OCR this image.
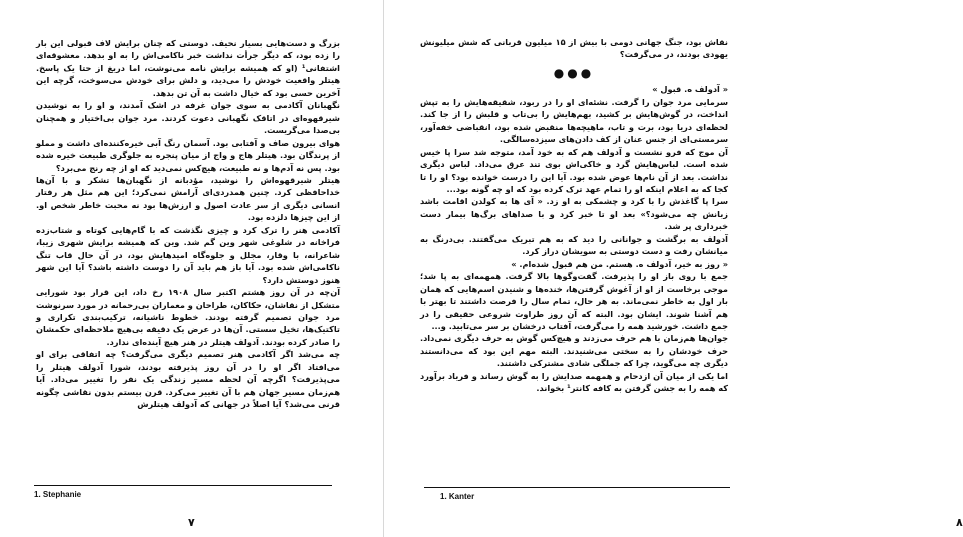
بزرگ و دست‌هایی بسیار نحیف. دوستی که چنان برایش لاف قبولی این بار را زده بود، که دیگر جرأت نداشت خبر ناکامی‌اش را به او بدهد. معشوقه‌ای اشتفانی¹ (او که همیشه برایش نامه می‌نوشت، اما دریغ از حتا یک پاسخ. هیتلر واقعیت خودش را می‌دید، و دلش برای خودش می‌سوخت، گرچه این آخرین حسی بود که خیال داشت به آن تن بدهد.

نگهبانان آکادمی به سوی جوان غرفه در اشک آمدند، و او را به نوشیدن شیرقهوه‌ای در اتاقک نگهبانی دعوت کردند. مرد جوان بی‌اختیار و همچنان بی‌صدا می‌گریست.

هوای بیرون صاف و آفتابی بود. آسمان رنگ آبی خیره‌کننده‌ای داشت و مملو از پرندگان بود. هیتلر هاج و واج از میان پنجره به جلوگری طبیعت خیره شده بود. پس نه آدم‌ها و نه طبیعت، هیچ‌کس نمی‌دید که او از چه رنج می‌برد؟

هیتلر شیرقهوه‌اش را نوشید، مؤدبانه از نگهبان‌ها تشکر و با آن‌ها خداحافظی کرد. چنین همدردی‌ای آرامش نمی‌کرد؛ این هم مثل هر رفتار انسانی دیگری از سر عادت اصول و ارزش‌ها بود نه محبت خاطر شخص او. از این چیزها دلزده بود.

آکادمی هنر را ترک کرد و چیزی نگذشت که با گام‌هایی کوتاه و شتاب‌زده فراخانه در شلوغی شهر وین گم شد. وین که همیشه برایش شهری زیبا، شاعرانه، با وقار، مجلل و جلوه‌گاه امیدهایش بود، در آن حال قاب تنگ ناکامی‌اش شده بود. آیا باز هم باید آن را دوست داشته باشد؟ آیا این شهر هنوز دوستش دارد؟

آن‌چه در آن روز هشتم اکتبر سال ۱۹۰۸ رخ داد، این قرار بود شورایی متشکل از نقاشان، حکاکان، طراحان و معماران بی‌رحمانه در مورد سرنوشت مرد جوان تصمیم گرفته بودند. خطوط ناشیانه، ترکیب‌بندی تکراری و تاکتیک‌ها، تخیل سستی. آن‌ها در عرض یک دقیقه بی‌هیچ ملاحظه‌ای حکمشان را صادر کرده بودند. آدولف هیتلر در هنر هیچ آینده‌ای ندارد.

چه می‌شد اگر آکادمی هنر تصمیم دیگری می‌گرفت؟ چه اتفاقی برای او می‌افتاد اگر او را در آن روز پذیرفته بودند، شورا آدولف هیتلر را می‌پذیرفت؟ اگرچه آن لحظه مسیر زندگی یک نفر را تغییر می‌داد. آیا هم‌زمان مسیر جهان هم با آن تغییر می‌کرد. قرن بیستم بدون نقاشی چگونه قرنی می‌شد؟ آیا اصلاً در جهانی که آدولف هیتلرش

1. Stephanie
۷

نقاش بود، جنگ جهانی دومی با بیش از ۱۵ میلیون قربانی که شش میلیونش یهودی بودند، در می‌گرفت؟

●●●

« آدولف ه. قبول »

سرمایی مرد جوان را گرفت. نشئه‌ای او را در ربود، شقیقه‌هایش را به تپش انداخت، در گوش‌هایش بر کشید، بهم‌هایش را بی‌تاب و قلبش را از جا کند. لحظه‌ای دریا بود، برت و تاب، ماهیچه‌ها منقبض شده بود، انقباضی خفه‌آور، سرمستی‌ای از جنس عنان از کف دادن‌های سیزده‌سالگی.

آن موج که فرو نشست و آدولف هم که به خود آمد، متوجه شد سرا پا خیس شده است. لباس‌هایش گرد و خاکی‌اش بوی تند عرق می‌داد. لباس دیگری نداشت. بعد از آن نام‌ها عوض شده بود. آیا این را درست خوانده بود؟ او را تا کجا که به اعلام اینکه او را تمام عهد ترک کرده بود که او چه گونه بود...

سرا پا گاغذش را با کرد و چشمکی به او زد. « آی ها به کولدن اقامت باشد زبانش چه می‌شود؟» بعد او تا خبر کرد و با صداهای برگ‌ها بیمار دست خبرداری پر شد.

آدولف به برگشت و جوانانی را دید که به هم تبریک می‌گفتند. بی‌درنگ به میانشان رفت و دست دوستی به سویشان دراز کرد.

« روز به خیر، آدولف ه. هستم. من هم قبول شده‌ام. »

جمع با روی باز او را پذیرفت. گفت‌وگوها بالا گرفت. همهمه‌ای به پا شد؛ موجی برخاست از او از آغوش گرفتن‌ها، خنده‌ها و شنیدن اسم‌هایی که همان بار اول به خاطر نمی‌ماند. به هر حال، تمام سال را فرصت داشتند تا بهتر با هم آشنا شوند. ایشان بود. البته که آن روز طراوت شروعی حقیقی را در جمع داشت. خورشید همه را می‌گرفت، آفتاب درخشان بر سر می‌تابید. و...

جوان‌ها هم‌زمان با هم حرف می‌زدند و هیچ‌کس گوش به حرف دیگری نمی‌داد. حرف خودشان را به سختی می‌شنیدند. البته مهم این بود که می‌دانستند دیگری چه می‌گوید، چرا که جملگی شادی مشترکی داشتند.

اما یکی از میان آن ازدحام و همهمه صدایش را به گوش رساند و فریاد برآورد که همه را به جشن گرفتن به کافه کانتر¹ بخواند.

۸
1. Kanter
